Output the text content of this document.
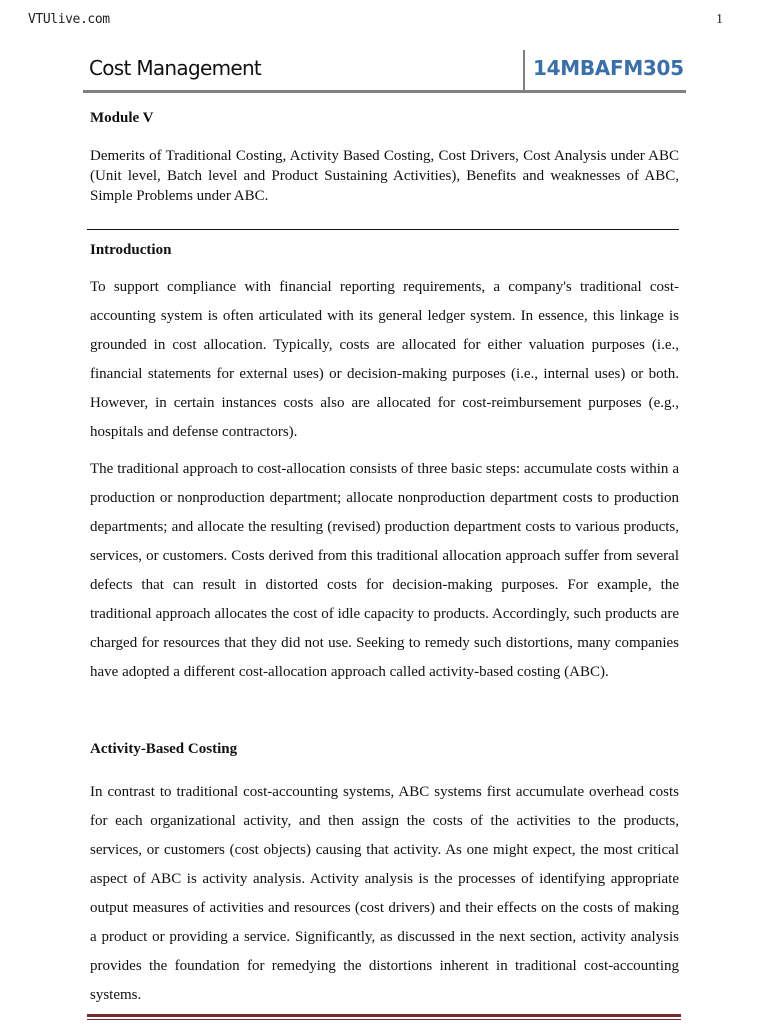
VTUlive.com	1
Cost Management	14MBAFM305
Module V
Demerits of Traditional Costing, Activity Based Costing, Cost Drivers, Cost Analysis under ABC (Unit level, Batch level and Product Sustaining Activities), Benefits and weaknesses of ABC, Simple Problems under ABC.
Introduction

To support compliance with financial reporting requirements, a company's traditional cost-accounting system is often articulated with its general ledger system. In essence, this linkage is grounded in cost allocation. Typically, costs are allocated for either valuation purposes (i.e., financial statements for external uses) or decision-making purposes (i.e., internal uses) or both. However, in certain instances costs also are allocated for cost-reimbursement purposes (e.g., hospitals and defense contractors).

The traditional approach to cost-allocation consists of three basic steps: accumulate costs within a production or nonproduction department; allocate nonproduction department costs to production departments; and allocate the resulting (revised) production department costs to various products, services, or customers. Costs derived from this traditional allocation approach suffer from several defects that can result in distorted costs for decision-making purposes. For example, the traditional approach allocates the cost of idle capacity to products. Accordingly, such products are charged for resources that they did not use. Seeking to remedy such distortions, many companies have adopted a different cost-allocation approach called activity-based costing (ABC).

Activity-Based Costing

In contrast to traditional cost-accounting systems, ABC systems first accumulate overhead costs for each organizational activity, and then assign the costs of the activities to the products, services, or customers (cost objects) causing that activity. As one might expect, the most critical aspect of ABC is activity analysis. Activity analysis is the processes of identifying appropriate output measures of activities and resources (cost drivers) and their effects on the costs of making a product or providing a service. Significantly, as discussed in the next section, activity analysis provides the foundation for remedying the distortions inherent in traditional cost-accounting systems.
